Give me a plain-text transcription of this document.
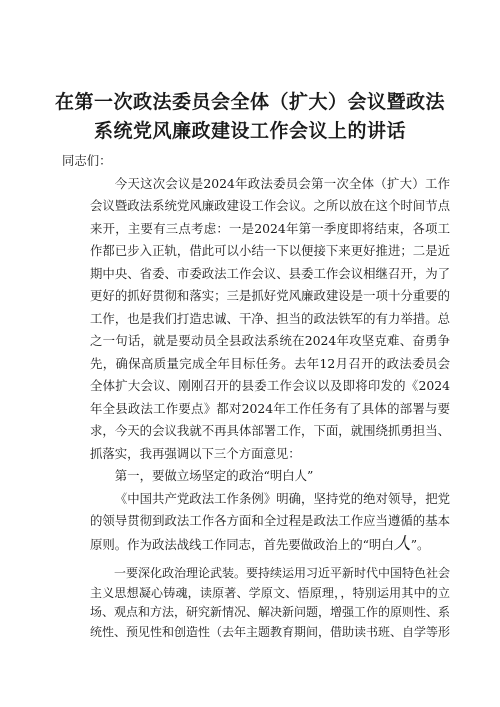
在第一次政法委员会全体（扩大）会议暨政法
系统党风廉政建设工作会议上的讲话

同志们：

今天这次会议是2024年政法委员会第一次全体（扩大）工作会议暨政法系统党风廉政建设工作会议。之所以放在这个时间节点来开，主要有三点考虑：一是2024年第一季度即将结束，各项工作都已步入正轨，借此可以小结一下以便接下来更好推进；二是近期中央、省委、市委政法工作会议、县委工作会议相继召开，为了更好的抓好贯彻和落实；三是抓好党风廉政建设是一项十分重要的工作，也是我们打造忠诚、干净、担当的政法铁军的有力举措。总之一句话，就是要动员全县政法系统在2024年攻坚克难、奋勇争先，确保高质量完成全年目标任务。去年12月召开的政法委员会全体扩大会议、刚刚召开的县委工作会议以及即将印发的《2024年全县政法工作要点》都对2024年工作任务有了具体的部署与要求，今天的会议我就不再具体部署工作，下面，就围绕抓勇担当、抓落实，我再强调以下三个方面意见：

第一，要做立场坚定的政治“明白人”

《中国共产党政法工作条例》明确，坚持党的绝对领导，把党的领导贯彻到政法工作各方面和全过程是政法工作应当遵循的基本原则。作为政法战线工作同志，首先要做政治上的“明白人”。

一要深化政治理论武装。要持续运用习近平新时代中国特色社会主义思想凝心铸魂，读原著、学原文、悟原理，，特别运用其中的立场、观点和方法，研究新情况、解决新问题，增强工作的原则性、系统性、预见性和创造性（去年主题教育期间，借助读书班、自学等形
